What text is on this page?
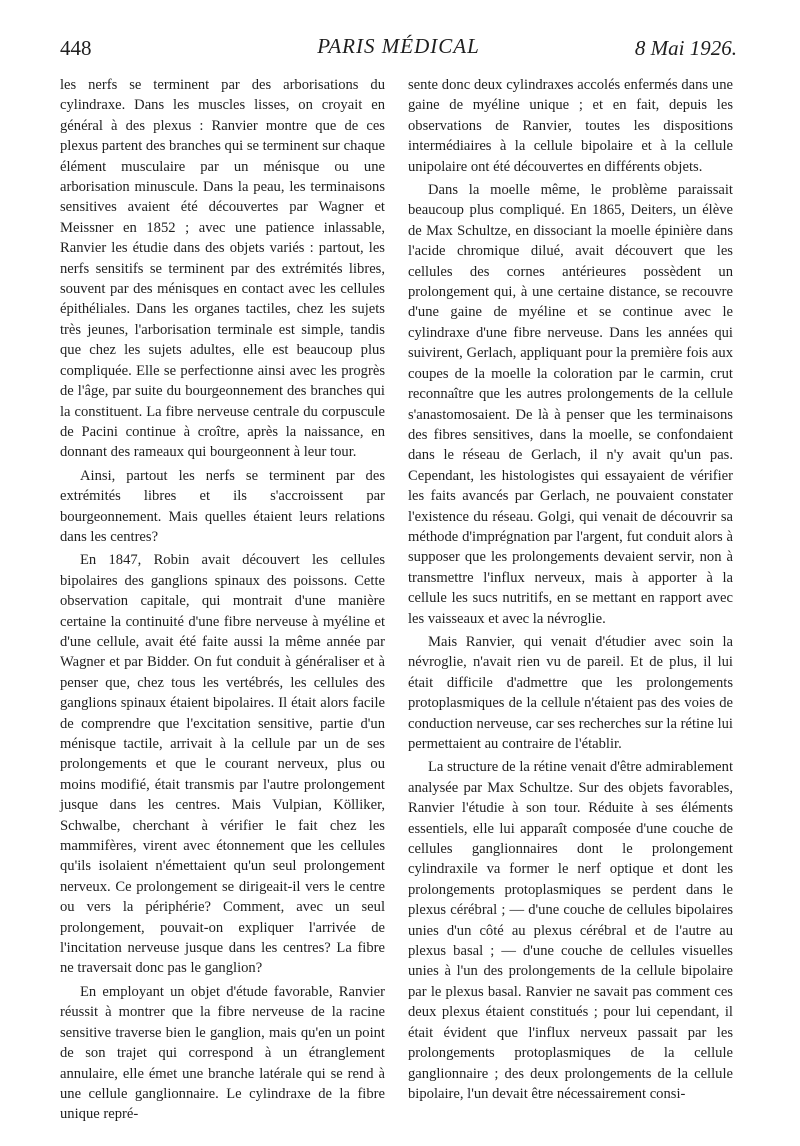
448	PARIS MÉDICAL	8 Mai 1926.

les nerfs se terminent par des arborisations du cylindraxe. Dans les muscles lisses, on croyait en général à des plexus : Ranvier montre que de ces plexus partent des branches qui se terminent sur chaque élément musculaire par un ménisque ou une arborisation minuscule. Dans la peau, les terminaisons sensitives avaient été découvertes par Wagner et Meissner en 1852 ; avec une patience inlassable, Ranvier les étudie dans des objets variés : partout, les nerfs sensitifs se terminent par des extrémités libres, souvent par des ménisques en contact avec les cellules épithéliales. Dans les organes tactiles, chez les sujets très jeunes, l'arborisation terminale est simple, tandis que chez les sujets adultes, elle est beaucoup plus compliquée. Elle se perfectionne ainsi avec les progrès de l'âge, par suite du bourgeonnement des branches qui la constituent. La fibre nerveuse centrale du corpuscule de Pacini continue à croître, après la naissance, en donnant des rameaux qui bourgeonnent à leur tour.

Ainsi, partout les nerfs se terminent par des extrémités libres et ils s'accroissent par bourgeonnement. Mais quelles étaient leurs relations dans les centres?

En 1847, Robin avait découvert les cellules bipolaires des ganglions spinaux des poissons. Cette observation capitale, qui montrait d'une manière certaine la continuité d'une fibre nerveuse à myéline et d'une cellule, avait été faite aussi la même année par Wagner et par Bidder. On fut conduit à généraliser et à penser que, chez tous les vertébrés, les cellules des ganglions spinaux étaient bipolaires. Il était alors facile de comprendre que l'excitation sensitive, partie d'un ménisque tactile, arrivait à la cellule par un de ses prolongements et que le courant nerveux, plus ou moins modifié, était transmis par l'autre prolongement jusque dans les centres. Mais Vulpian, Kölliker, Schwalbe, cherchant à vérifier le fait chez les mammifères, virent avec étonnement que les cellules qu'ils isolaient n'émettaient qu'un seul prolongement nerveux. Ce prolongement se dirigeait-il vers le centre ou vers la périphérie? Comment, avec un seul prolongement, pouvait-on expliquer l'arrivée de l'incitation nerveuse jusque dans les centres? La fibre ne traversait donc pas le ganglion?

En employant un objet d'étude favorable, Ranvier réussit à montrer que la fibre nerveuse de la racine sensitive traverse bien le ganglion, mais qu'en un point de son trajet qui correspond à un étranglement annulaire, elle émet une branche latérale qui se rend à une cellule ganglionnaire. Le cylindraxe de la fibre unique repré-

sente donc deux cylindraxes accolés enfermés dans une gaine de myéline unique ; et en fait, depuis les observations de Ranvier, toutes les dispositions intermédiaires à la cellule bipolaire et à la cellule unipolaire ont été découvertes en différents objets.

Dans la moelle même, le problème paraissait beaucoup plus compliqué. En 1865, Deiters, un élève de Max Schultze, en dissociant la moelle épinière dans l'acide chromique dilué, avait découvert que les cellules des cornes antérieures possèdent un prolongement qui, à une certaine distance, se recouvre d'une gaine de myéline et se continue avec le cylindraxe d'une fibre nerveuse. Dans les années qui suivirent, Gerlach, appliquant pour la première fois aux coupes de la moelle la coloration par le carmin, crut reconnaître que les autres prolongements de la cellule s'anastomosaient. De là à penser que les terminaisons des fibres sensitives, dans la moelle, se confondaient dans le réseau de Gerlach, il n'y avait qu'un pas. Cependant, les histologistes qui essayaient de vérifier les faits avancés par Gerlach, ne pouvaient constater l'existence du réseau. Golgi, qui venait de découvrir sa méthode d'imprégnation par l'argent, fut conduit alors à supposer que les prolongements devaient servir, non à transmettre l'influx nerveux, mais à apporter à la cellule les sucs nutritifs, en se mettant en rapport avec les vaisseaux et avec la névroglie.

Mais Ranvier, qui venait d'étudier avec soin la névroglie, n'avait rien vu de pareil. Et de plus, il lui était difficile d'admettre que les prolongements protoplasmiques de la cellule n'étaient pas des voies de conduction nerveuse, car ses recherches sur la rétine lui permettaient au contraire de l'établir.

La structure de la rétine venait d'être admirablement analysée par Max Schultze. Sur des objets favorables, Ranvier l'étudie à son tour. Réduite à ses éléments essentiels, elle lui apparaît composée d'une couche de cellules ganglionnaires dont le prolongement cylindraxile va former le nerf optique et dont les prolongements protoplasmiques se perdent dans le plexus cérébral ; — d'une couche de cellules bipolaires unies d'un côté au plexus cérébral et de l'autre au plexus basal ; — d'une couche de cellules visuelles unies à l'un des prolongements de la cellule bipolaire par le plexus basal. Ranvier ne savait pas comment ces deux plexus étaient constitués ; pour lui cependant, il était évident que l'influx nerveux passait par les prolongements protoplasmiques de la cellule ganglionnaire ; des deux prolongements de la cellule bipolaire, l'un devait être nécessairement consi-
